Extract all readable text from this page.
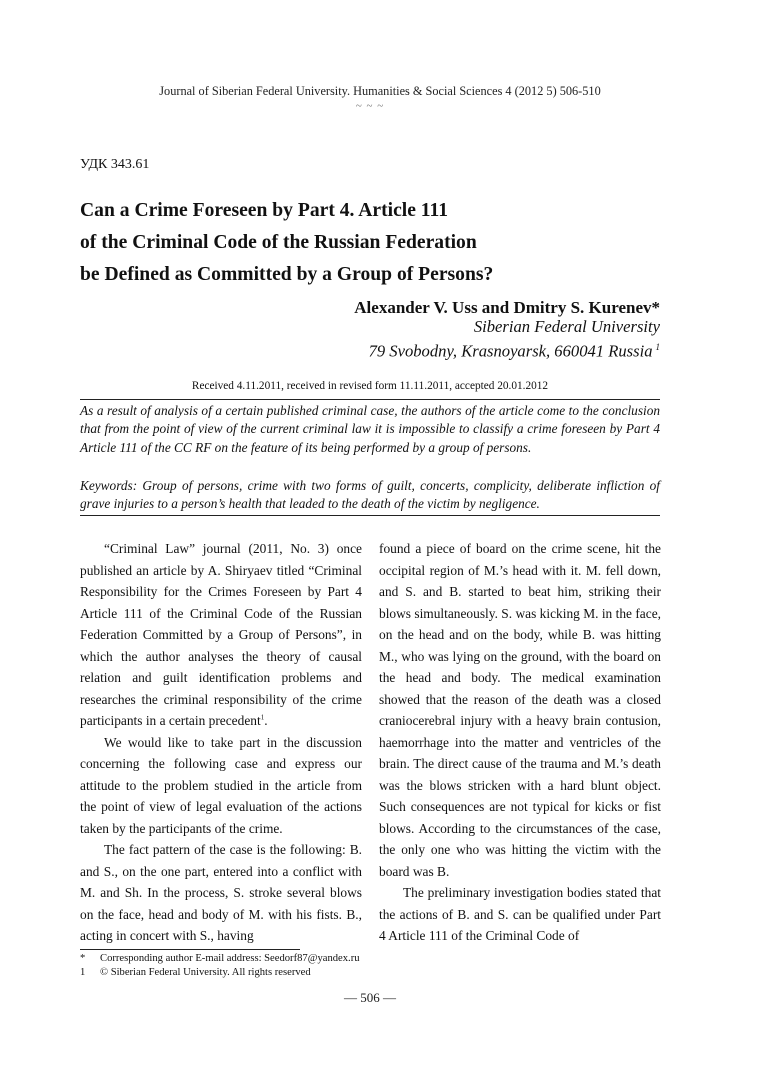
Journal of Siberian Federal University. Humanities & Social Sciences 4 (2012 5) 506-510
~ ~ ~
УДК 343.61
Can a Crime Foreseen by Part 4. Article 111
of the Criminal Code of the Russian Federation
be Defined as Committed by a Group of Persons?
Alexander V. Uss and Dmitry S. Kurenev*
Siberian Federal University
79 Svobodny, Krasnoyarsk, 660041 Russia $^1$
Received 4.11.2011, received in revised form 11.11.2011, accepted 20.01.2012
As a result of analysis of a certain published criminal case, the authors of the article come to the conclusion that from the point of view of the current criminal law it is impossible to classify a crime foreseen by Part 4 Article 111 of the CC RF on the feature of its being performed by a group of persons.
Keywords: Group of persons, crime with two forms of guilt, concerts, complicity, deliberate infliction of grave injuries to a person’s health that leaded to the death of the victim by negligence.

“Criminal Law” journal (2011, No. 3) once published an article by A. Shiryaev titled “Criminal Responsibility for the Crimes Foreseen by Part 4 Article 111 of the Criminal Code of the Russian Federation Committed by a Group of Persons”, in which the author analyses the theory of causal relation and guilt identification problems and researches the criminal responsibility of the crime participants in a certain precedent$^1$.

We would like to take part in the discussion concerning the following case and express our attitude to the problem studied in the article from the point of view of legal evaluation of the actions taken by the participants of the crime.

The fact pattern of the case is the following: B. and S., on the one part, entered into a conflict with M. and Sh. In the process, S. stroke several blows on the face, head and body of M. with his fists. B., acting in concert with S., having

found a piece of board on the crime scene, hit the occipital region of M.’s head with it. M. fell down, and S. and B. started to beat him, striking their blows simultaneously. S. was kicking M. in the face, on the head and on the body, while B. was hitting M., who was lying on the ground, with the board on the head and body. The medical examination showed that the reason of the death was a closed craniocerebral injury with a heavy brain contusion, haemorrhage into the matter and ventricles of the brain. The direct cause of the trauma and M.’s death was the blows stricken with a hard blunt object. Such consequences are not typical for kicks or fist blows. According to the circumstances of the case, the only one who was hitting the victim with the board was B.

The preliminary investigation bodies stated that the actions of B. and S. can be qualified under Part 4 Article 111 of the Criminal Code of

* Corresponding author E-mail address: Seedorf87@yandex.ru
1 © Siberian Federal University. All rights reserved
— 506 —
